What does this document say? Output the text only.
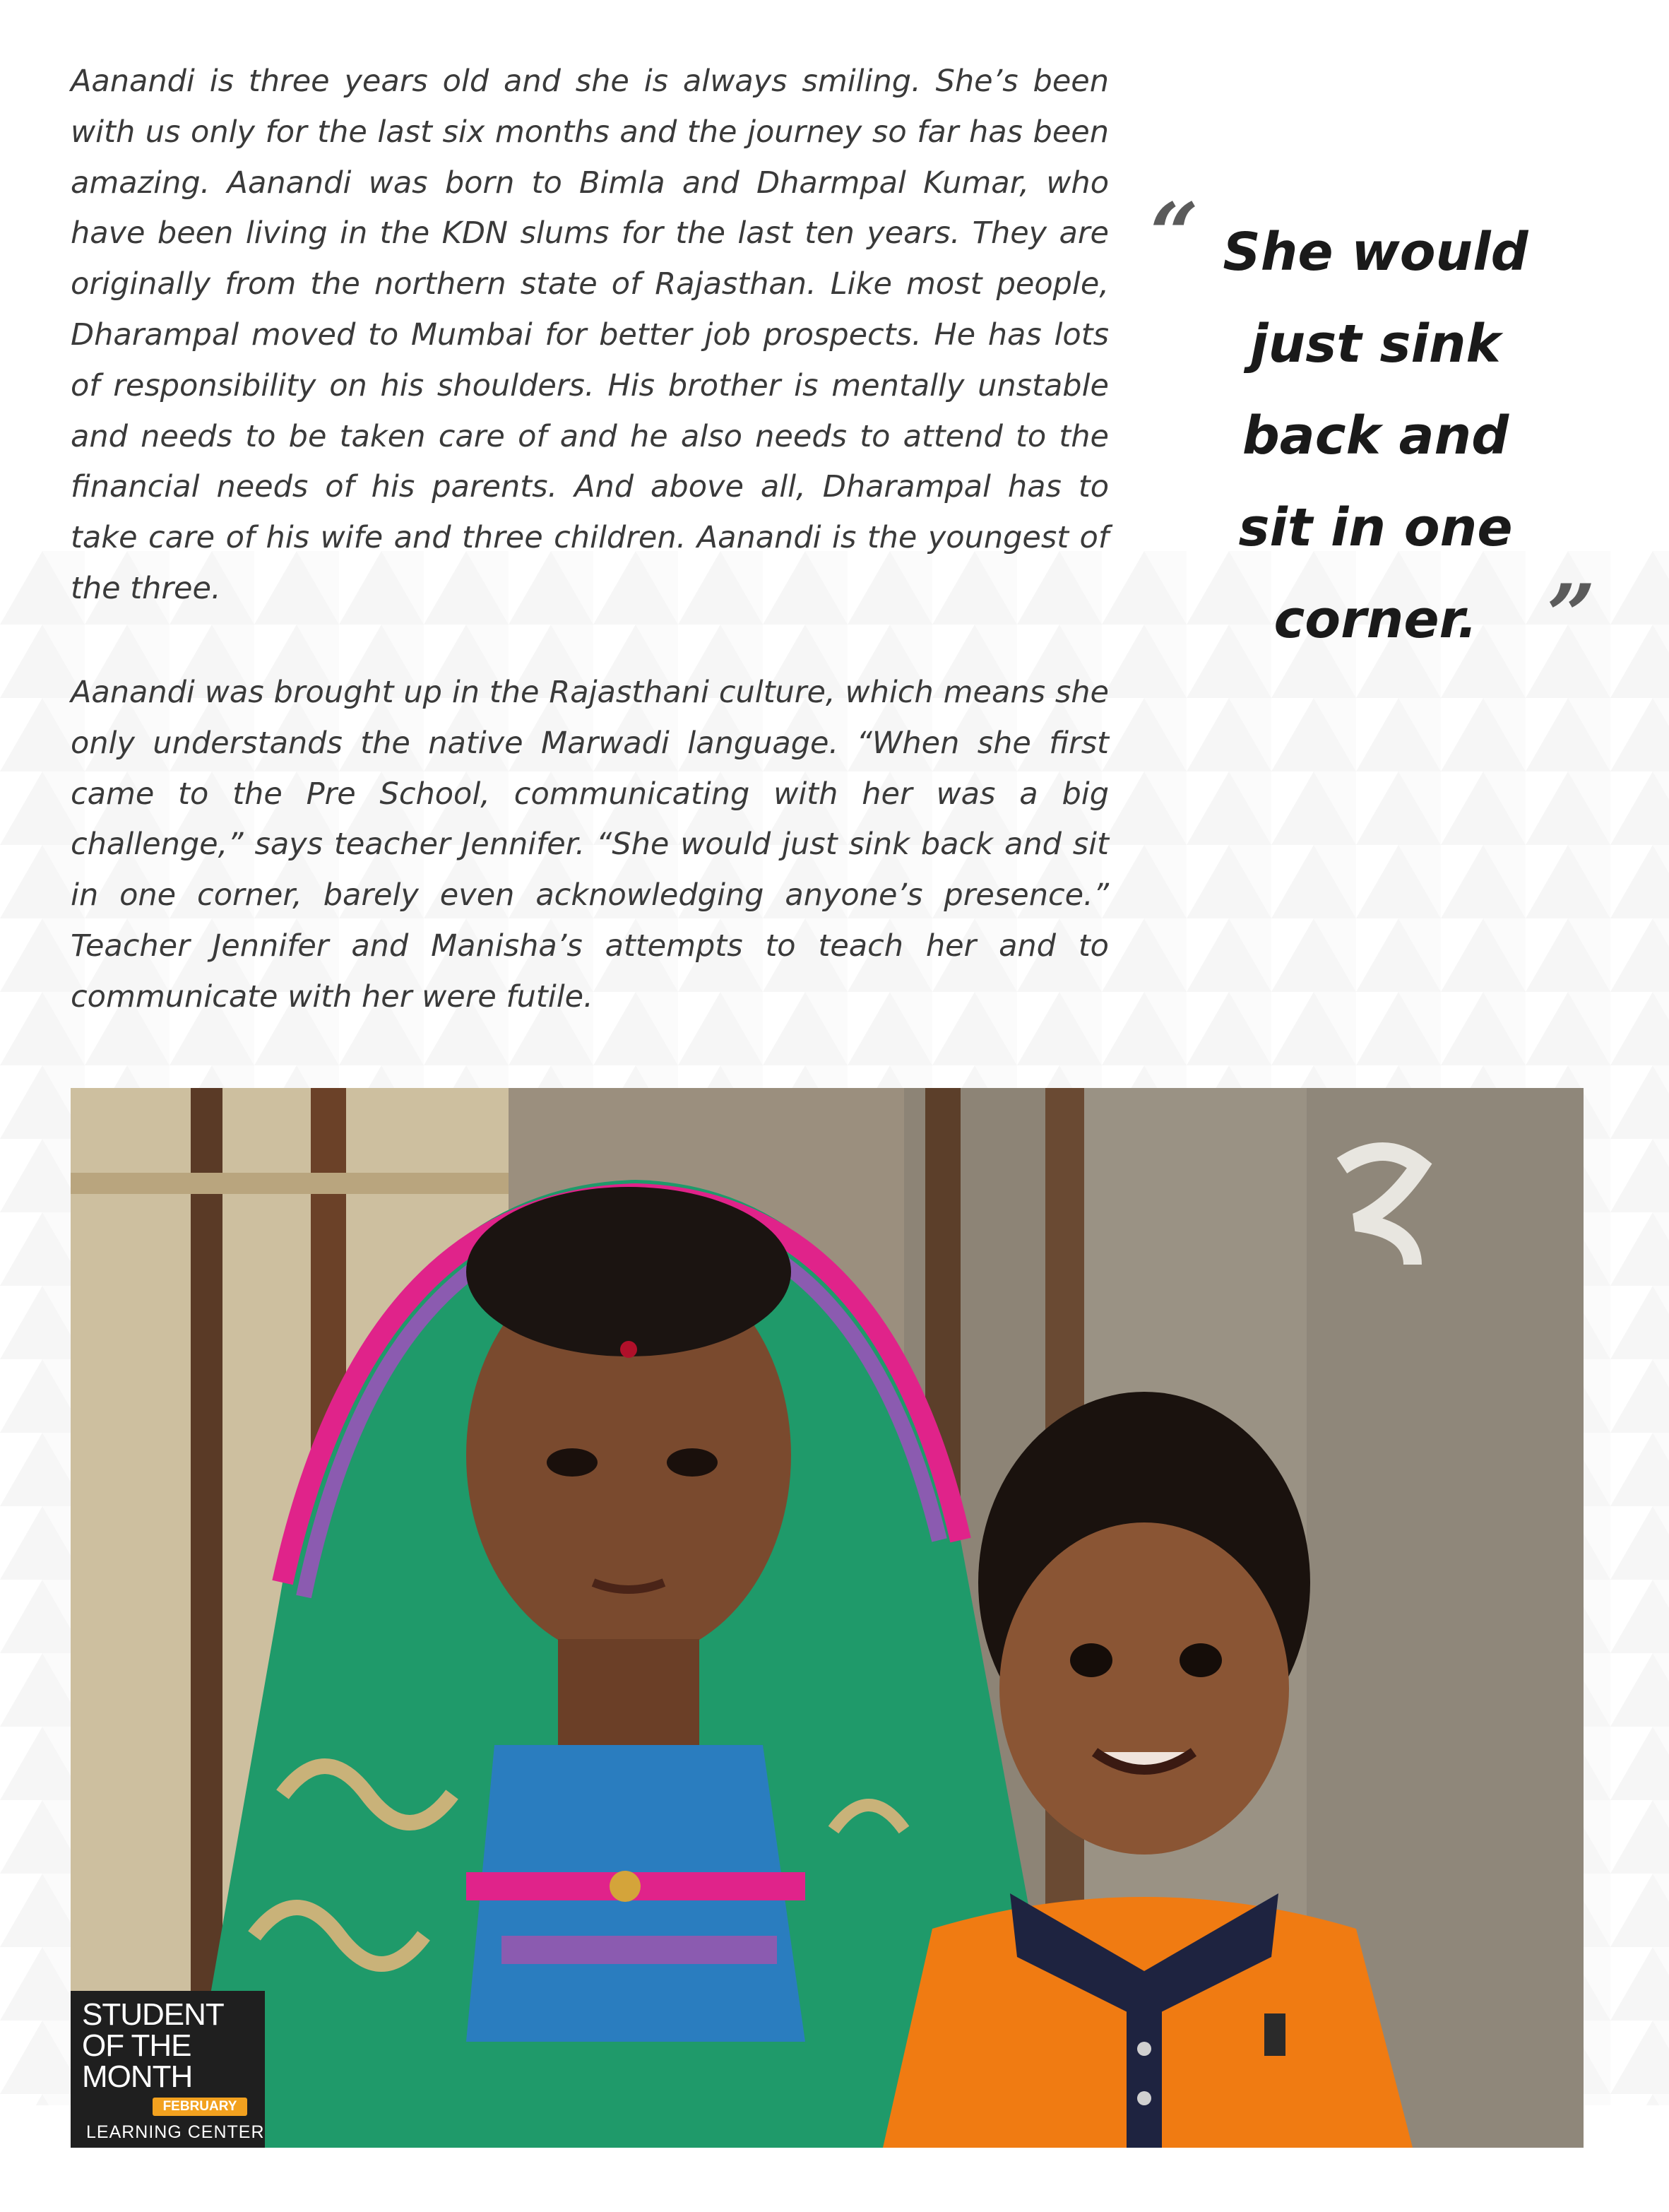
Aanandi is three years old and she is always smiling. She’s been with us only for the last six months and the journey so far has been amazing. Aanandi was born to Bimla and Dharmpal Kumar, who have been living in the KDN slums for the last ten years. They are originally from the northern state of Rajasthan. Like most people, Dharampal moved to Mumbai for better job prospects. He has lots of responsibility on his shoulders. His brother is mentally unstable and needs to be taken care of and he also needs to attend to the financial needs of his parents. And above all, Dharampal has to take care of his wife and three children. Aanandi is the youngest of the three.

Aanandi was brought up in the Rajasthani culture, which means she only understands the native Marwadi language. “When she first came to the Pre School, communicating with her was a big challenge,” says teacher Jennifer. “She would just sink back and sit in one corner, barely even acknowledging anyone’s presence.” Teacher Jennifer and Manisha’s attempts to teach her and to communicate with her were futile.

“ She would just sink back and sit in one corner. ”
STUDENT
OF THE
MONTH
FEBRUARY
LEARNING CENTER
